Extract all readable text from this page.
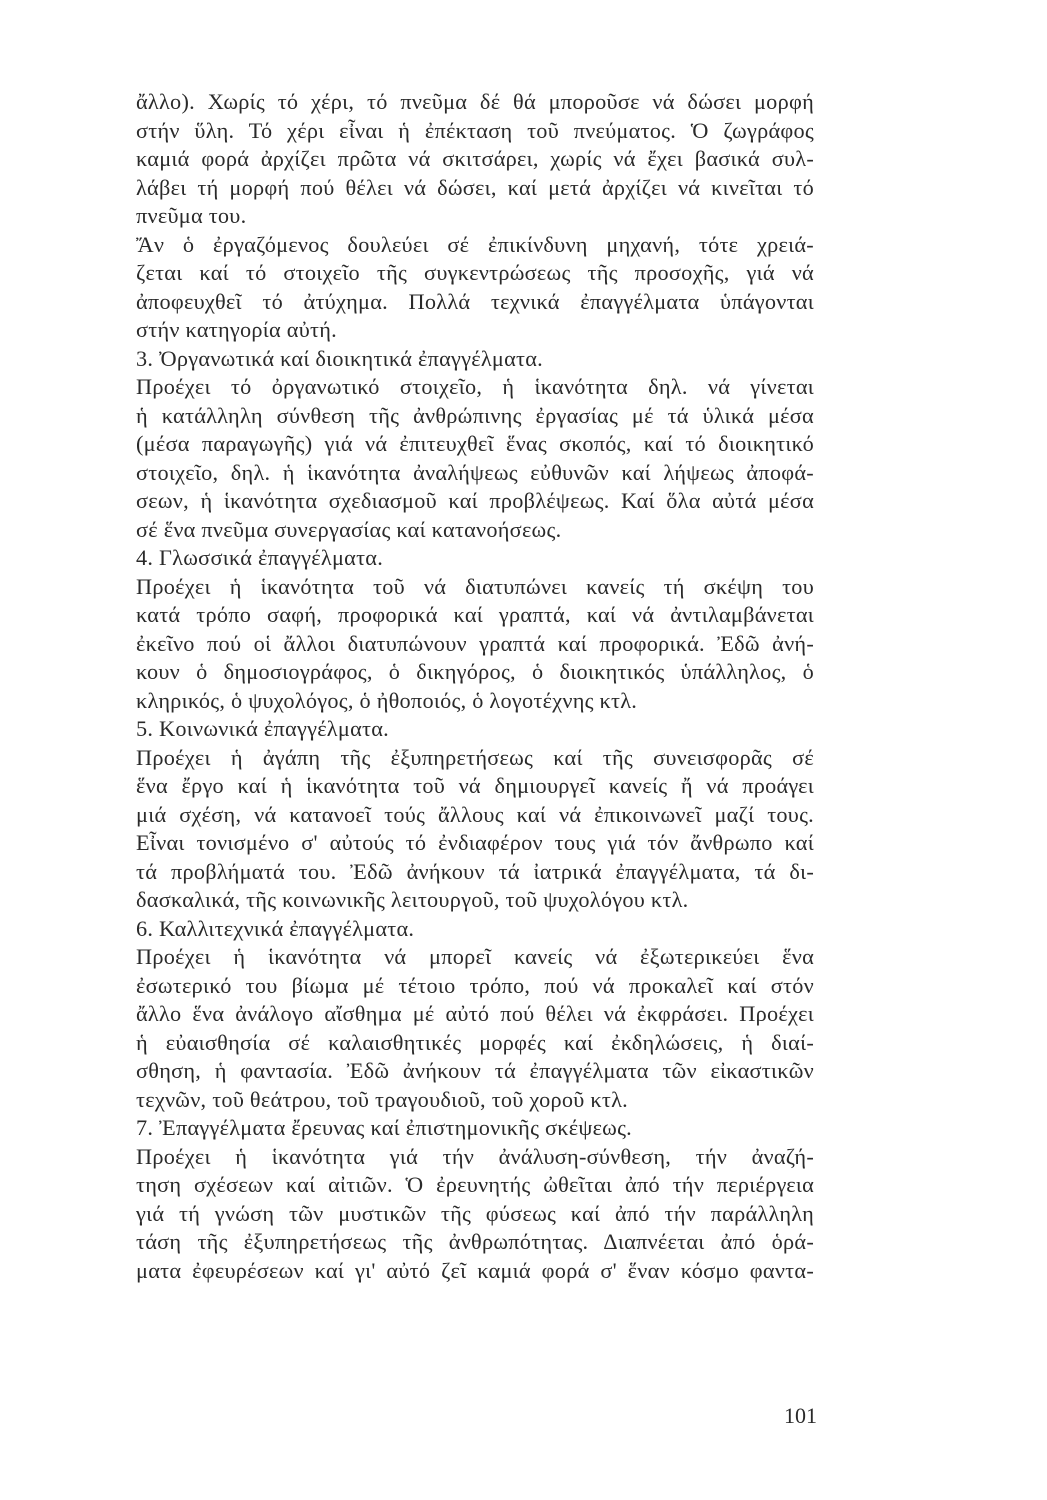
ἄλλο). Χωρίς τό χέρι, τό πνεῦμα δέ θά μποροῦσε νά δώσει μορφή
στήν ὕλη. Τό χέρι εἶναι ἡ ἐπέκταση τοῦ πνεύματος. Ὁ ζωγράφος
καμιά φορά ἀρχίζει πρῶτα νά σκιτσάρει, χωρίς νά ἔχει βασικά συλ-
λάβει τή μορφή πού θέλει νά δώσει, καί μετά ἀρχίζει νά κινεῖται τό
πνεῦμα του.
Ἄν ὁ ἐργαζόμενος δουλεύει σέ ἐπικίνδυνη μηχανή, τότε χρειά-
ζεται καί τό στοιχεῖο τῆς συγκεντρώσεως τῆς προσοχῆς, γιά νά
ἀποφευχθεῖ τό ἀτύχημα. Πολλά τεχνικά ἐπαγγέλματα ὑπάγονται
στήν κατηγορία αὐτή.
3. Ὀργανωτικά καί διοικητικά ἐπαγγέλματα.
Προέχει τό ὀργανωτικό στοιχεῖο, ἡ ἱκανότητα δηλ. νά γίνεται
ἡ κατάλληλη σύνθεση τῆς ἀνθρώπινης ἐργασίας μέ τά ὑλικά μέσα
(μέσα παραγωγῆς) γιά νά ἐπιτευχθεῖ ἕνας σκοπός, καί τό διοικητικό
στοιχεῖο, δηλ. ἡ ἱκανότητα ἀναλήψεως εὐθυνῶν καί λήψεως ἀποφά-
σεων, ἡ ἱκανότητα σχεδιασμοῦ καί προβλέψεως. Καί ὅλα αὐτά μέσα
σέ ἕνα πνεῦμα συνεργασίας καί κατανοήσεως.
4. Γλωσσικά ἐπαγγέλματα.
Προέχει ἡ ἱκανότητα τοῦ νά διατυπώνει κανείς τή σκέψη του
κατά τρόπο σαφή, προφορικά καί γραπτά, καί νά ἀντιλαμβάνεται
ἐκεῖνο πού οἱ ἄλλοι διατυπώνουν γραπτά καί προφορικά. Ἐδῶ ἀνή-
κουν ὁ δημοσιογράφος, ὁ δικηγόρος, ὁ διοικητικός ὑπάλληλος, ὁ
κληρικός, ὁ ψυχολόγος, ὁ ἠθοποιός, ὁ λογοτέχνης κτλ.
5. Κοινωνικά ἐπαγγέλματα.
Προέχει ἡ ἀγάπη τῆς ἐξυπηρετήσεως καί τῆς συνεισφορᾶς σέ
ἕνα ἔργο καί ἡ ἱκανότητα τοῦ νά δημιουργεῖ κανείς ἤ νά προάγει
μιά σχέση, νά κατανοεῖ τούς ἄλλους καί νά ἐπικοινωνεῖ μαζί τους.
Εἶναι τονισμένο σ' αὐτούς τό ἐνδιαφέρον τους γιά τόν ἄνθρωπο καί
τά προβλήματά του. Ἐδῶ ἀνήκουν τά ἰατρικά ἐπαγγέλματα, τά δι-
δασκαλικά, τῆς κοινωνικῆς λειτουργοῦ, τοῦ ψυχολόγου κτλ.
6. Καλλιτεχνικά ἐπαγγέλματα.
Προέχει ἡ ἱκανότητα νά μπορεῖ κανείς νά ἐξωτερικεύει ἕνα
ἐσωτερικό του βίωμα μέ τέτοιο τρόπο, πού νά προκαλεῖ καί στόν
ἄλλο ἕνα ἀνάλογο αἴσθημα μέ αὐτό πού θέλει νά ἐκφράσει. Προέχει
ἡ εὐαισθησία σέ καλαισθητικές μορφές καί ἐκδηλώσεις, ἡ διαί-
σθηση, ἡ φαντασία. Ἐδῶ ἀνήκουν τά ἐπαγγέλματα τῶν εἰκαστικῶν
τεχνῶν, τοῦ θεάτρου, τοῦ τραγουδιοῦ, τοῦ χοροῦ κτλ.
7. Ἐπαγγέλματα ἔρευνας καί ἐπιστημονικῆς σκέψεως.
Προέχει ἡ ἱκανότητα γιά τήν ἀνάλυση-σύνθεση, τήν ἀναζή-
τηση σχέσεων καί αἰτιῶν. Ὁ ἐρευνητής ὠθεῖται ἀπό τήν περιέργεια
γιά τή γνώση τῶν μυστικῶν τῆς φύσεως καί ἀπό τήν παράλληλη
τάση τῆς ἐξυπηρετήσεως τῆς ἀνθρωπότητας. Διαπνέεται ἀπό ὁρά-
ματα ἐφευρέσεων καί γι' αὐτό ζεῖ καμιά φορά σ' ἕναν κόσμο φαντα-
101
